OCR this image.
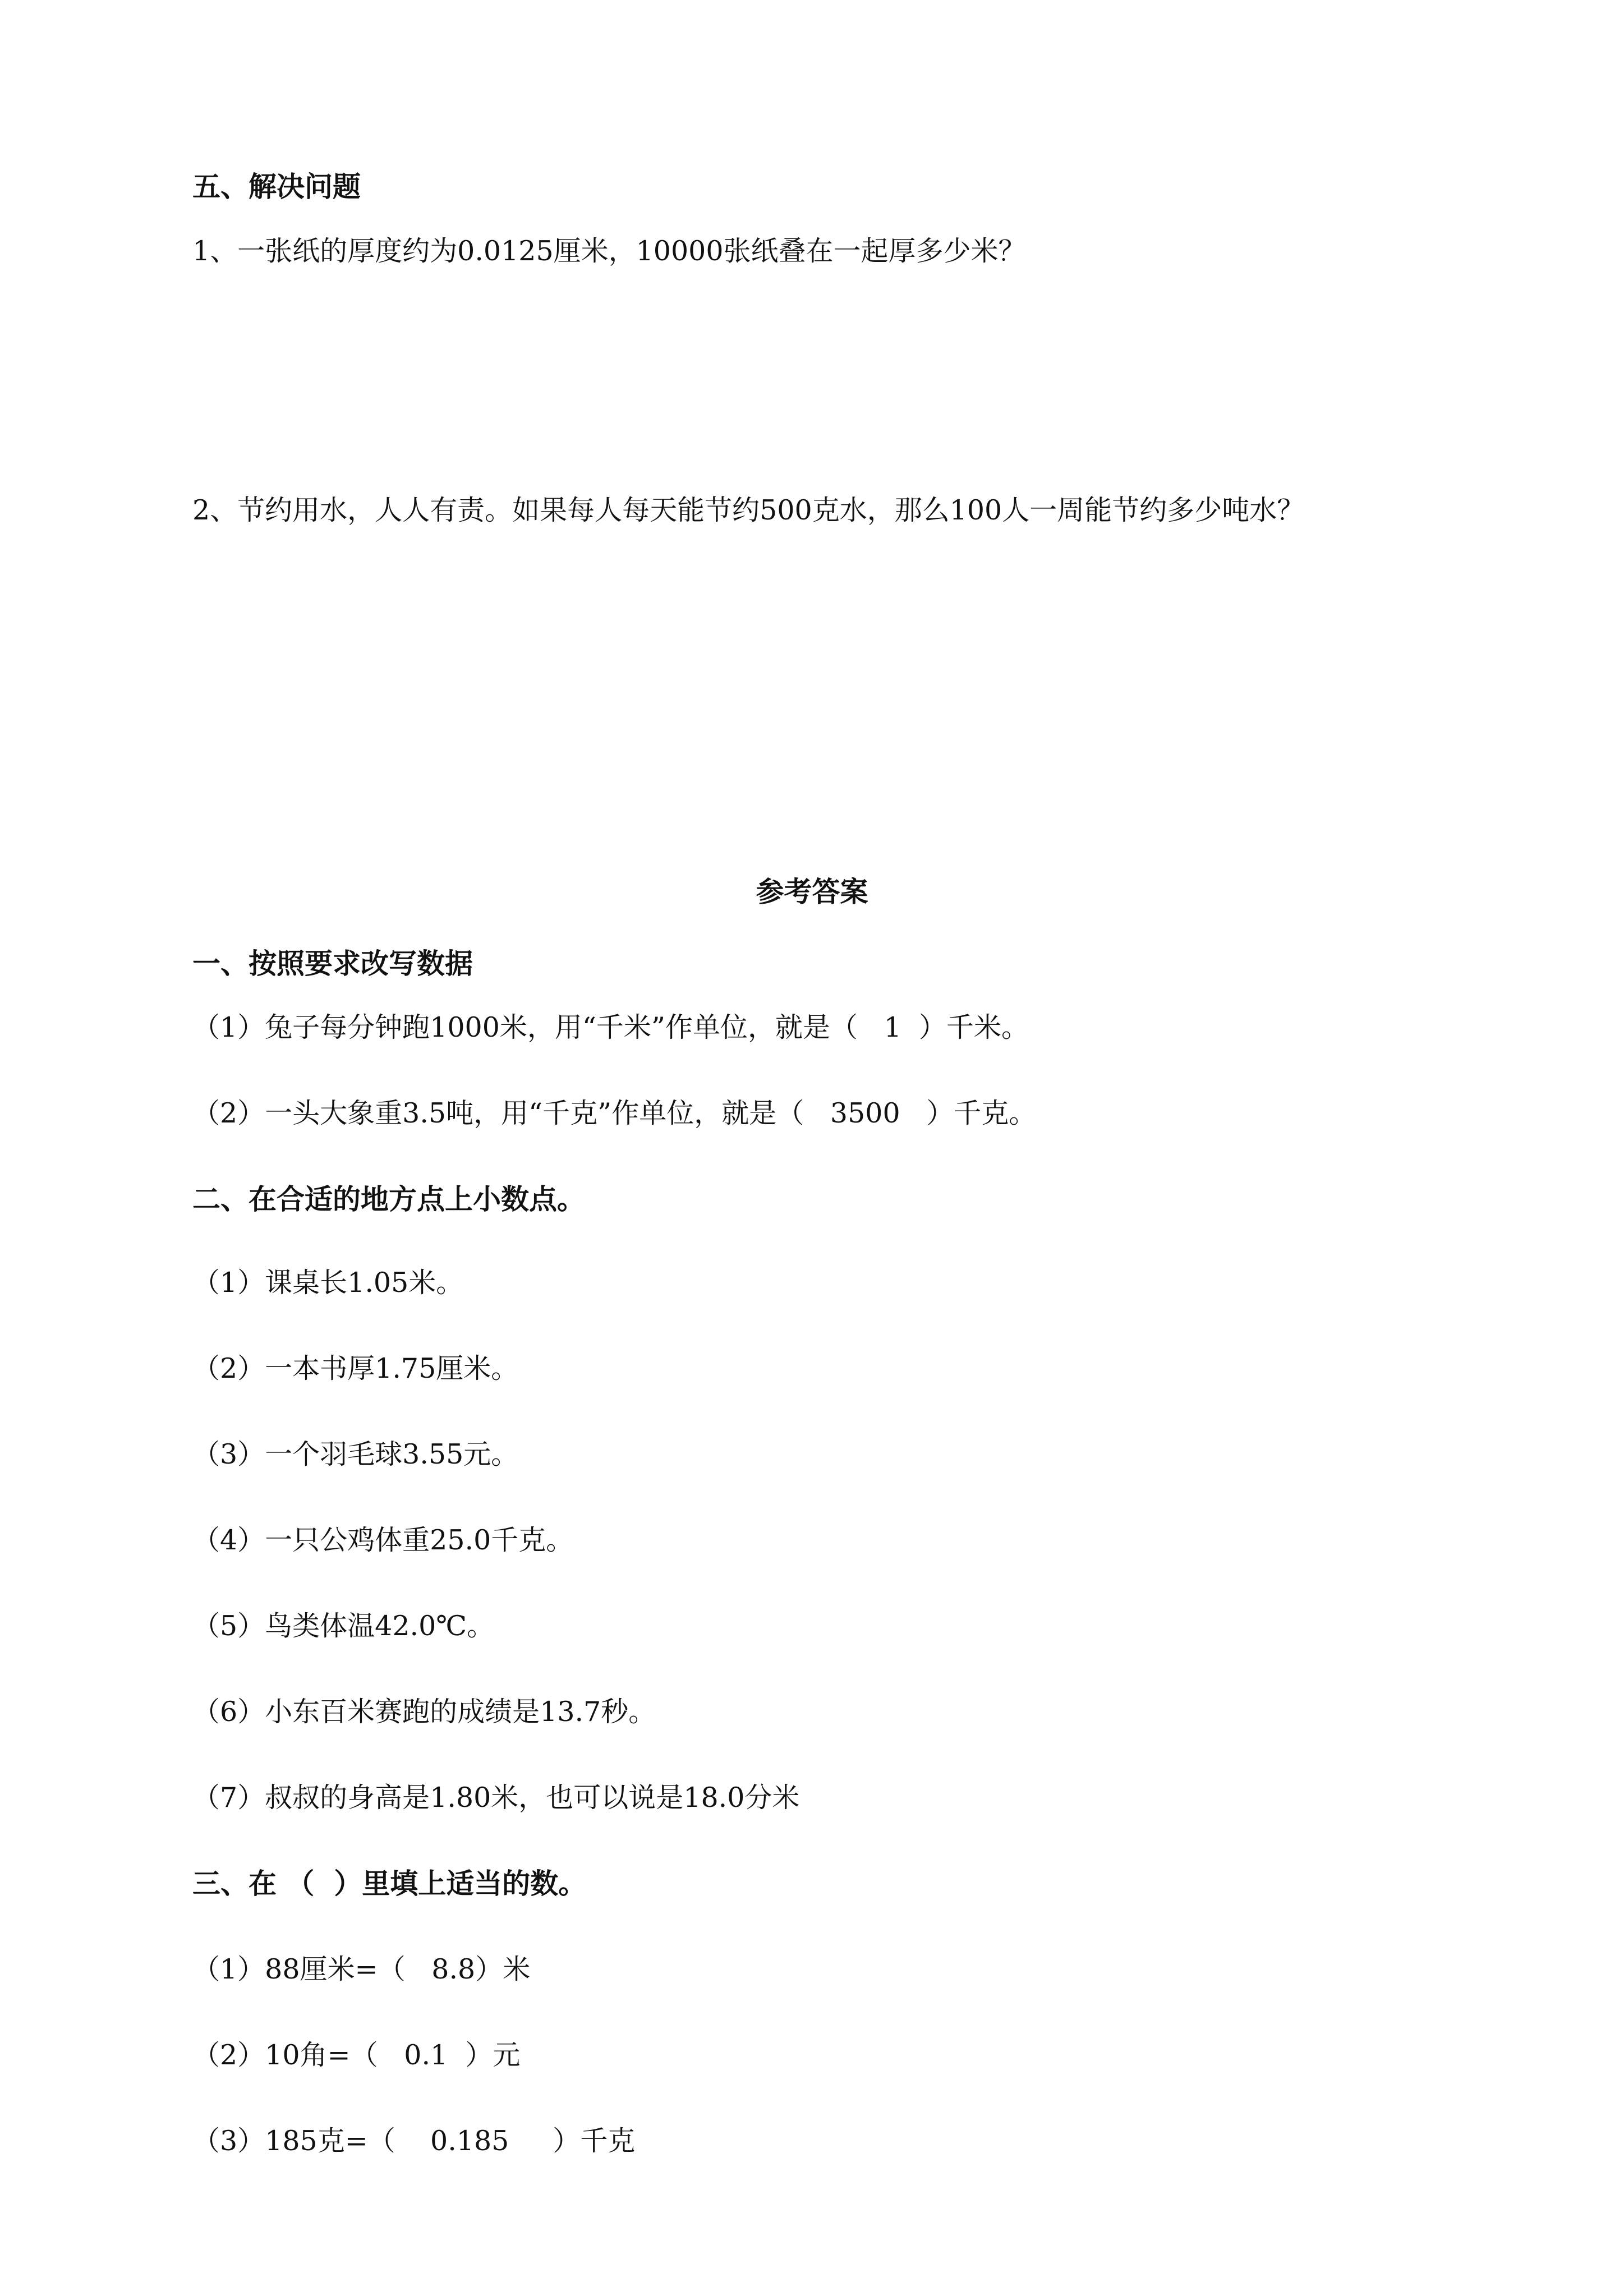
五、解决问题

1、一张纸的厚度约为0.0125厘米，10000张纸叠在一起厚多少米？

2、节约用水，人人有责。如果每人每天能节约500克水，那么100人一周能节约多少吨水？

参考答案

一、按照要求改写数据

（1）兔子每分钟跑1000米，用“千米”作单位，就是（   1  ）千米。

（2）一头大象重3.5吨，用“千克”作单位，就是（   3500   ）千克。

二、在合适的地方点上小数点。

（1）课桌长1.05米。

（2）一本书厚1.75厘米。

（3）一个羽毛球3.55元。

（4）一只公鸡体重25.0千克。

（5）鸟类体温42.0℃。

（6）小东百米赛跑的成绩是13.7秒。

（7）叔叔的身高是1.80米，也可以说是18.0分米

三、在 （  ）里填上适当的数。

（1）88厘米=（   8.8）米

（2）10角=（   0.1  ）元

（3）185克=（    0.185     ）千克
